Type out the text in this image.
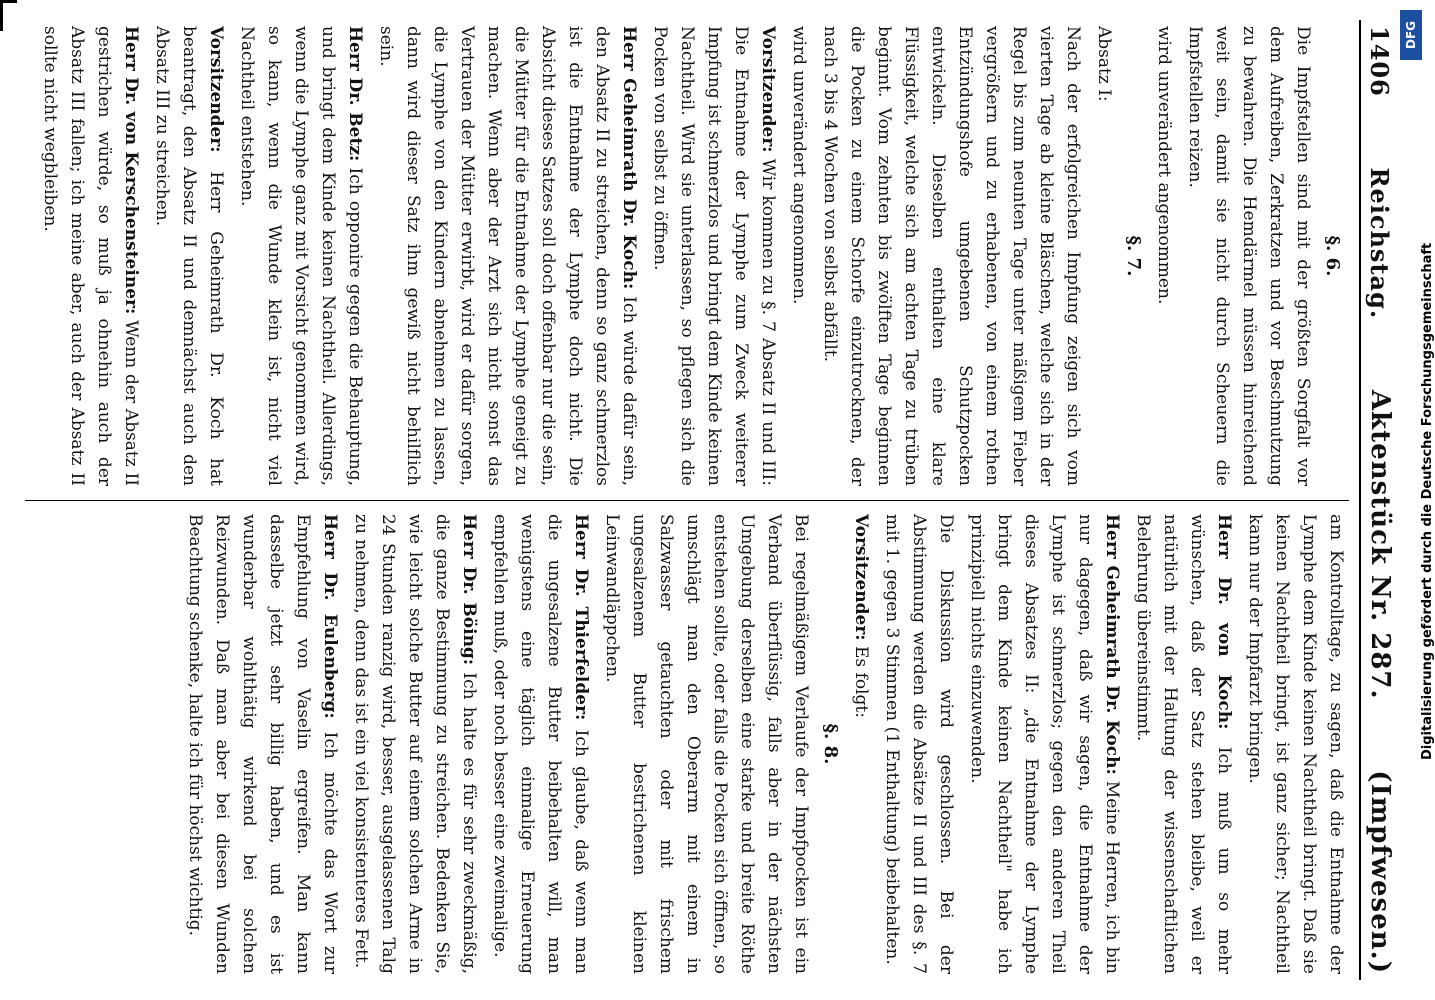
1406
Reichstag.
Aktenstück Nr. 287.
(Impfwesen.)
§. 6.

Die Impfstellen sind mit der größten Sorgfalt vor dem Aufreiben, Zerkratzen und vor Beschmutzung zu bewahren. Die Hemdärmel müssen hinreichend weit sein, damit sie nicht durch Scheuern die Impfstellen reizen.

wird unverändert angenommen.

§. 7.

Absatz I:

Nach der erfolgreichen Impfung zeigen sich vom vierten Tage ab kleine Bläschen, welche sich in der Regel bis zum neunten Tage unter mäßigem Fieber vergrößern und zu erhabenen, von einem rothen Entzündungshofe umgebenen Schutzpocken entwickeln. Dieselben enthalten eine klare Flüssigkeit, welche sich am achten Tage zu trüben beginnt. Vom zehnten bis zwölften Tage beginnen die Pocken zu einem Schorfe einzutrocknen, der nach 3 bis 4 Wochen von selbst abfällt.

wird unverändert angenommen.

Vorsitzender: Wir kommen zu §. 7 Absatz II und III: Die Entnahme der Lymphe zum Zweck weiterer Impfung ist schmerzlos und bringt dem Kinde keinen Nachtheil. Wird sie unterlassen, so pflegen sich die Pocken von selbst zu öffnen.

Herr Geheimrath Dr. Koch: Ich würde dafür sein, den Absatz II zu streichen, denn so ganz schmerzlos ist die Entnahme der Lymphe doch nicht. Die Absicht dieses Satzes soll doch offenbar nur die sein, die Mütter für die Entnahme der Lymphe geneigt zu machen. Wenn aber der Arzt sich nicht sonst das Vertrauen der Mütter erwirbt, wird er dafür sorgen, die Lymphe von den Kindern abnehmen zu lassen, dann wird dieser Satz ihm gewiß nicht behilflich sein.

Herr Dr. Betz: Ich opponire gegen die Behauptung, und bringt dem Kinde keinen Nachtheil. Allerdings, wenn die Lymphe ganz mit Vorsicht genommen wird, so kann, wenn die Wunde klein ist, nicht viel Nachtheil entstehen.

Vorsitzender: Herr Geheimrath Dr. Koch hat beantragt, den Absatz II und demnächst auch den Absatz III zu streichen.

Herr Dr. von Kerschensteiner: Wenn der Absatz II gestrichen würde, so muß ja ohnehin auch der Absatz III fallen; ich meine aber, auch der Absatz II sollte nicht wegbleiben.

am Kontrolltage, zu sagen, daß die Entnahme der Lymphe dem Kinde keinen Nachtheil bringt. Daß sie keinen Nachtheil bringt, ist ganz sicher; Nachtheil kann nur der Impfarzt bringen.

Herr Dr. von Koch: Ich muß um so mehr wünschen, daß der Satz stehen bleibe, weil er natürlich mit der Haltung der wissenschaftlichen Belehrung übereinstimmt.

Herr Geheimrath Dr. Koch: Meine Herren, ich bin nur dagegen, daß wir sagen, die Entnahme der Lymphe ist schmerzlos; gegen den anderen Theil dieses Absatzes II: „die Entnahme der Lymphe bringt dem Kinde keinen Nachtheil" habe ich prinzipiell nichts einzuwenden.

Die Diskussion wird geschlossen. Bei der Abstimmung werden die Absätze II und III des §. 7 mit 1. gegen 3 Stimmen (1 Enthaltung) beibehalten.

Vorsitzender: Es folgt:

§. 8.

Bei regelmäßigem Verlaufe der Impfpocken ist ein Verband überflüssig, falls aber in der nächsten Umgebung derselben eine starke und breite Röthe entstehen sollte, oder falls die Pocken sich öffnen, so umschlägt man den Oberarm mit einem in Salzwasser getauchten oder mit frischem ungesalzenem Butter bestrichenen kleinen Leinwandläppchen.

Herr Dr. Thierfelder: Ich glaube, daß wenn man die ungesalzene Butter beibehalten will, man wenigstens eine täglich einmalige Erneuerung empfehlen muß, oder noch besser eine zweimalige.

Herr Dr. Böing: Ich halte es für sehr zweckmäßig, die ganze Bestimmung zu streichen. Bedenken Sie, wie leicht solche Butter auf einem solchen Arme in 24 Stunden ranzig wird, besser, ausgelassenen Talg zu nehmen, denn das ist ein viel konsistenteres Fett.

Herr Dr. Eulenberg: Ich möchte das Wort zur Empfehlung von Vaselin ergreifen. Man kann dasselbe jetzt sehr billig haben, und es ist wunderbar wohlthätig wirkend bei solchen Reizwunden. Daß man aber bei diesen Wunden Beachtung schenke, halte ich für höchst wichtig.

DFG
Digitalisierung gefördert durch die Deutsche Forschungsgemeinschaft
